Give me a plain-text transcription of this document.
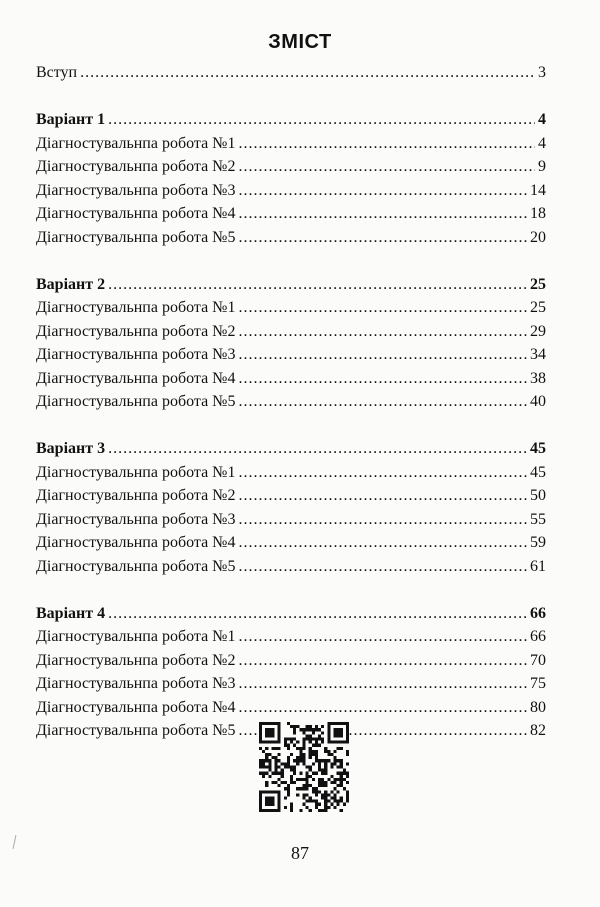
ЗМІСТ
Вступ . . .	3
Варіант 1 . . .	4
Діагностувальнпа робота №1 . . .	4
Діагностувальнпа робота №2 . . .	9
Діагностувальнпа робота №3 . . .	14
Діагностувальнпа робота №4 . . .	18
Діагностувальнпа робота №5 . . .	20
Варіант 2 . . .	25
Діагностувальнпа робота №1 . . .	25
Діагностувальнпа робота №2 . . .	29
Діагностувальнпа робота №3 . . .	34
Діагностувальнпа робота №4 . . .	38
Діагностувальнпа робота №5 . . .	40
Варіант 3 . . .	45
Діагностувальнпа робота №1 . . .	45
Діагностувальнпа робота №2 . . .	50
Діагностувальнпа робота №3 . . .	55
Діагностувальнпа робота №4 . . .	59
Діагностувальнпа робота №5 . . .	61
Варіант 4 . . .	66
Діагностувальнпа робота №1 . . .	66
Діагностувальнпа робота №2 . . .	70
Діагностувальнпа робота №3 . . .	75
Діагностувальнпа робота №4 . . .	80
Діагностувальнпа робота №5 . . .	82
87
